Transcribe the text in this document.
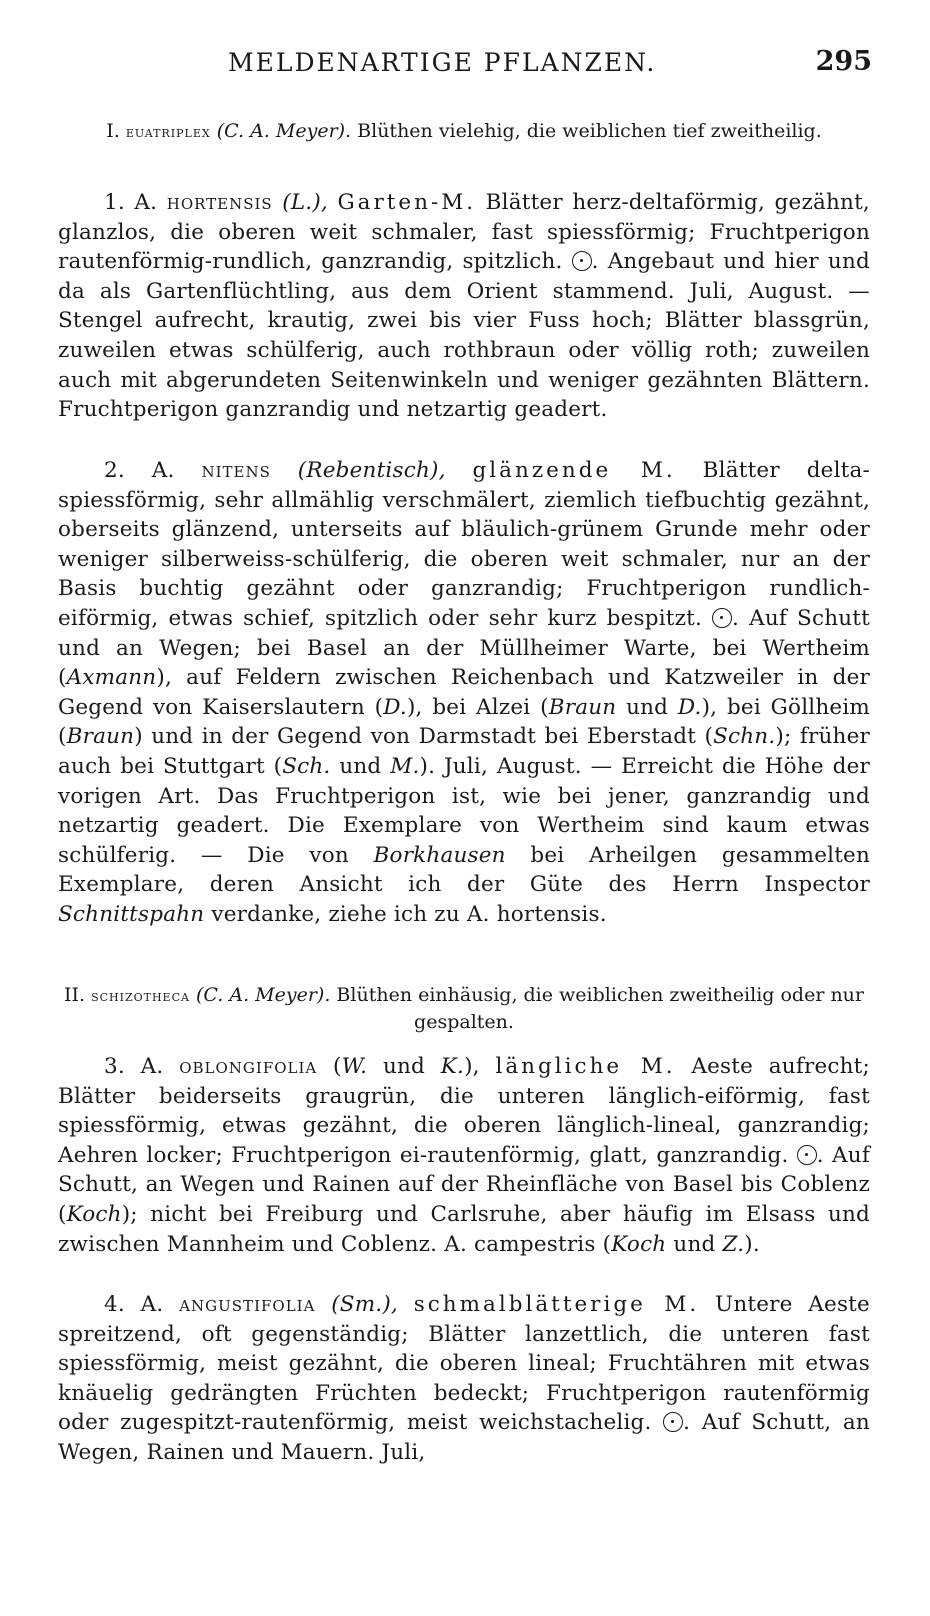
MELDENARTIGE PFLANZEN.	295
I. euatriplex (C. A. Meyer). Blüthen vielehig, die weiblichen tief zweitheilig.
1. A. hortensis (L.), Garten-M. Blätter herz-deltaförmig, gezähnt, glanzlos, die oberen weit schmaler, fast spiessförmig; Fruchtperigon rautenförmig-rundlich, ganzrandig, spitzlich. . Angebaut und hier und da als Gartenflüchtling, aus dem Orient stammend. Juli, August. — Stengel aufrecht, krautig, zwei bis vier Fuss hoch; Blätter blassgrün, zuweilen etwas schülferig, auch rothbraun oder völlig roth; zuweilen auch mit abgerundeten Seitenwinkeln und weniger gezähnten Blättern. Fruchtperigon ganzrandig und netzartig geadert.
2. A. nitens (Rebentisch), glänzende M. Blätter delta-spiessförmig, sehr allmählig verschmälert, ziemlich tiefbuchtig gezähnt, oberseits glänzend, unterseits auf bläulich-grünem Grunde mehr oder weniger silberweiss-schülferig, die oberen weit schmaler, nur an der Basis buchtig gezähnt oder ganzrandig; Fruchtperigon rundlich-eiförmig, etwas schief, spitzlich oder sehr kurz bespitzt. . Auf Schutt und an Wegen; bei Basel an der Müllheimer Warte, bei Wertheim (Axmann), auf Feldern zwischen Reichenbach und Katzweiler in der Gegend von Kaiserslautern (D.), bei Alzei (Braun und D.), bei Göllheim (Braun) und in der Gegend von Darmstadt bei Eberstadt (Schn.); früher auch bei Stuttgart (Sch. und M.). Juli, August. — Erreicht die Höhe der vorigen Art. Das Fruchtperigon ist, wie bei jener, ganzrandig und netzartig geadert. Die Exemplare von Wertheim sind kaum etwas schülferig. — Die von Borkhausen bei Arheilgen gesammelten Exemplare, deren Ansicht ich der Güte des Herrn Inspector Schnittspahn verdanke, ziehe ich zu A. hortensis.
II. schizotheca (C. A. Meyer). Blüthen einhäusig, die weiblichen zweitheilig oder nur gespalten.
3. A. oblongifolia (W. und K.), längliche M. Aeste aufrecht; Blätter beiderseits graugrün, die unteren länglich-eiförmig, fast spiessförmig, etwas gezähnt, die oberen länglich-lineal, ganzrandig; Aehren locker; Fruchtperigon ei-rautenförmig, glatt, ganzrandig. . Auf Schutt, an Wegen und Rainen auf der Rheinfläche von Basel bis Coblenz (Koch); nicht bei Freiburg und Carlsruhe, aber häufig im Elsass und zwischen Mannheim und Coblenz. A. campestris (Koch und Z.).
4. A. angustifolia (Sm.), schmalblätterige M. Untere Aeste spreitzend, oft gegenständig; Blätter lanzettlich, die unteren fast spiessförmig, meist gezähnt, die oberen lineal; Fruchtähren mit etwas knäuelig gedrängten Früchten bedeckt; Fruchtperigon rautenförmig oder zugespitzt-rautenförmig, meist weichstachelig. . Auf Schutt, an Wegen, Rainen und Mauern. Juli,
